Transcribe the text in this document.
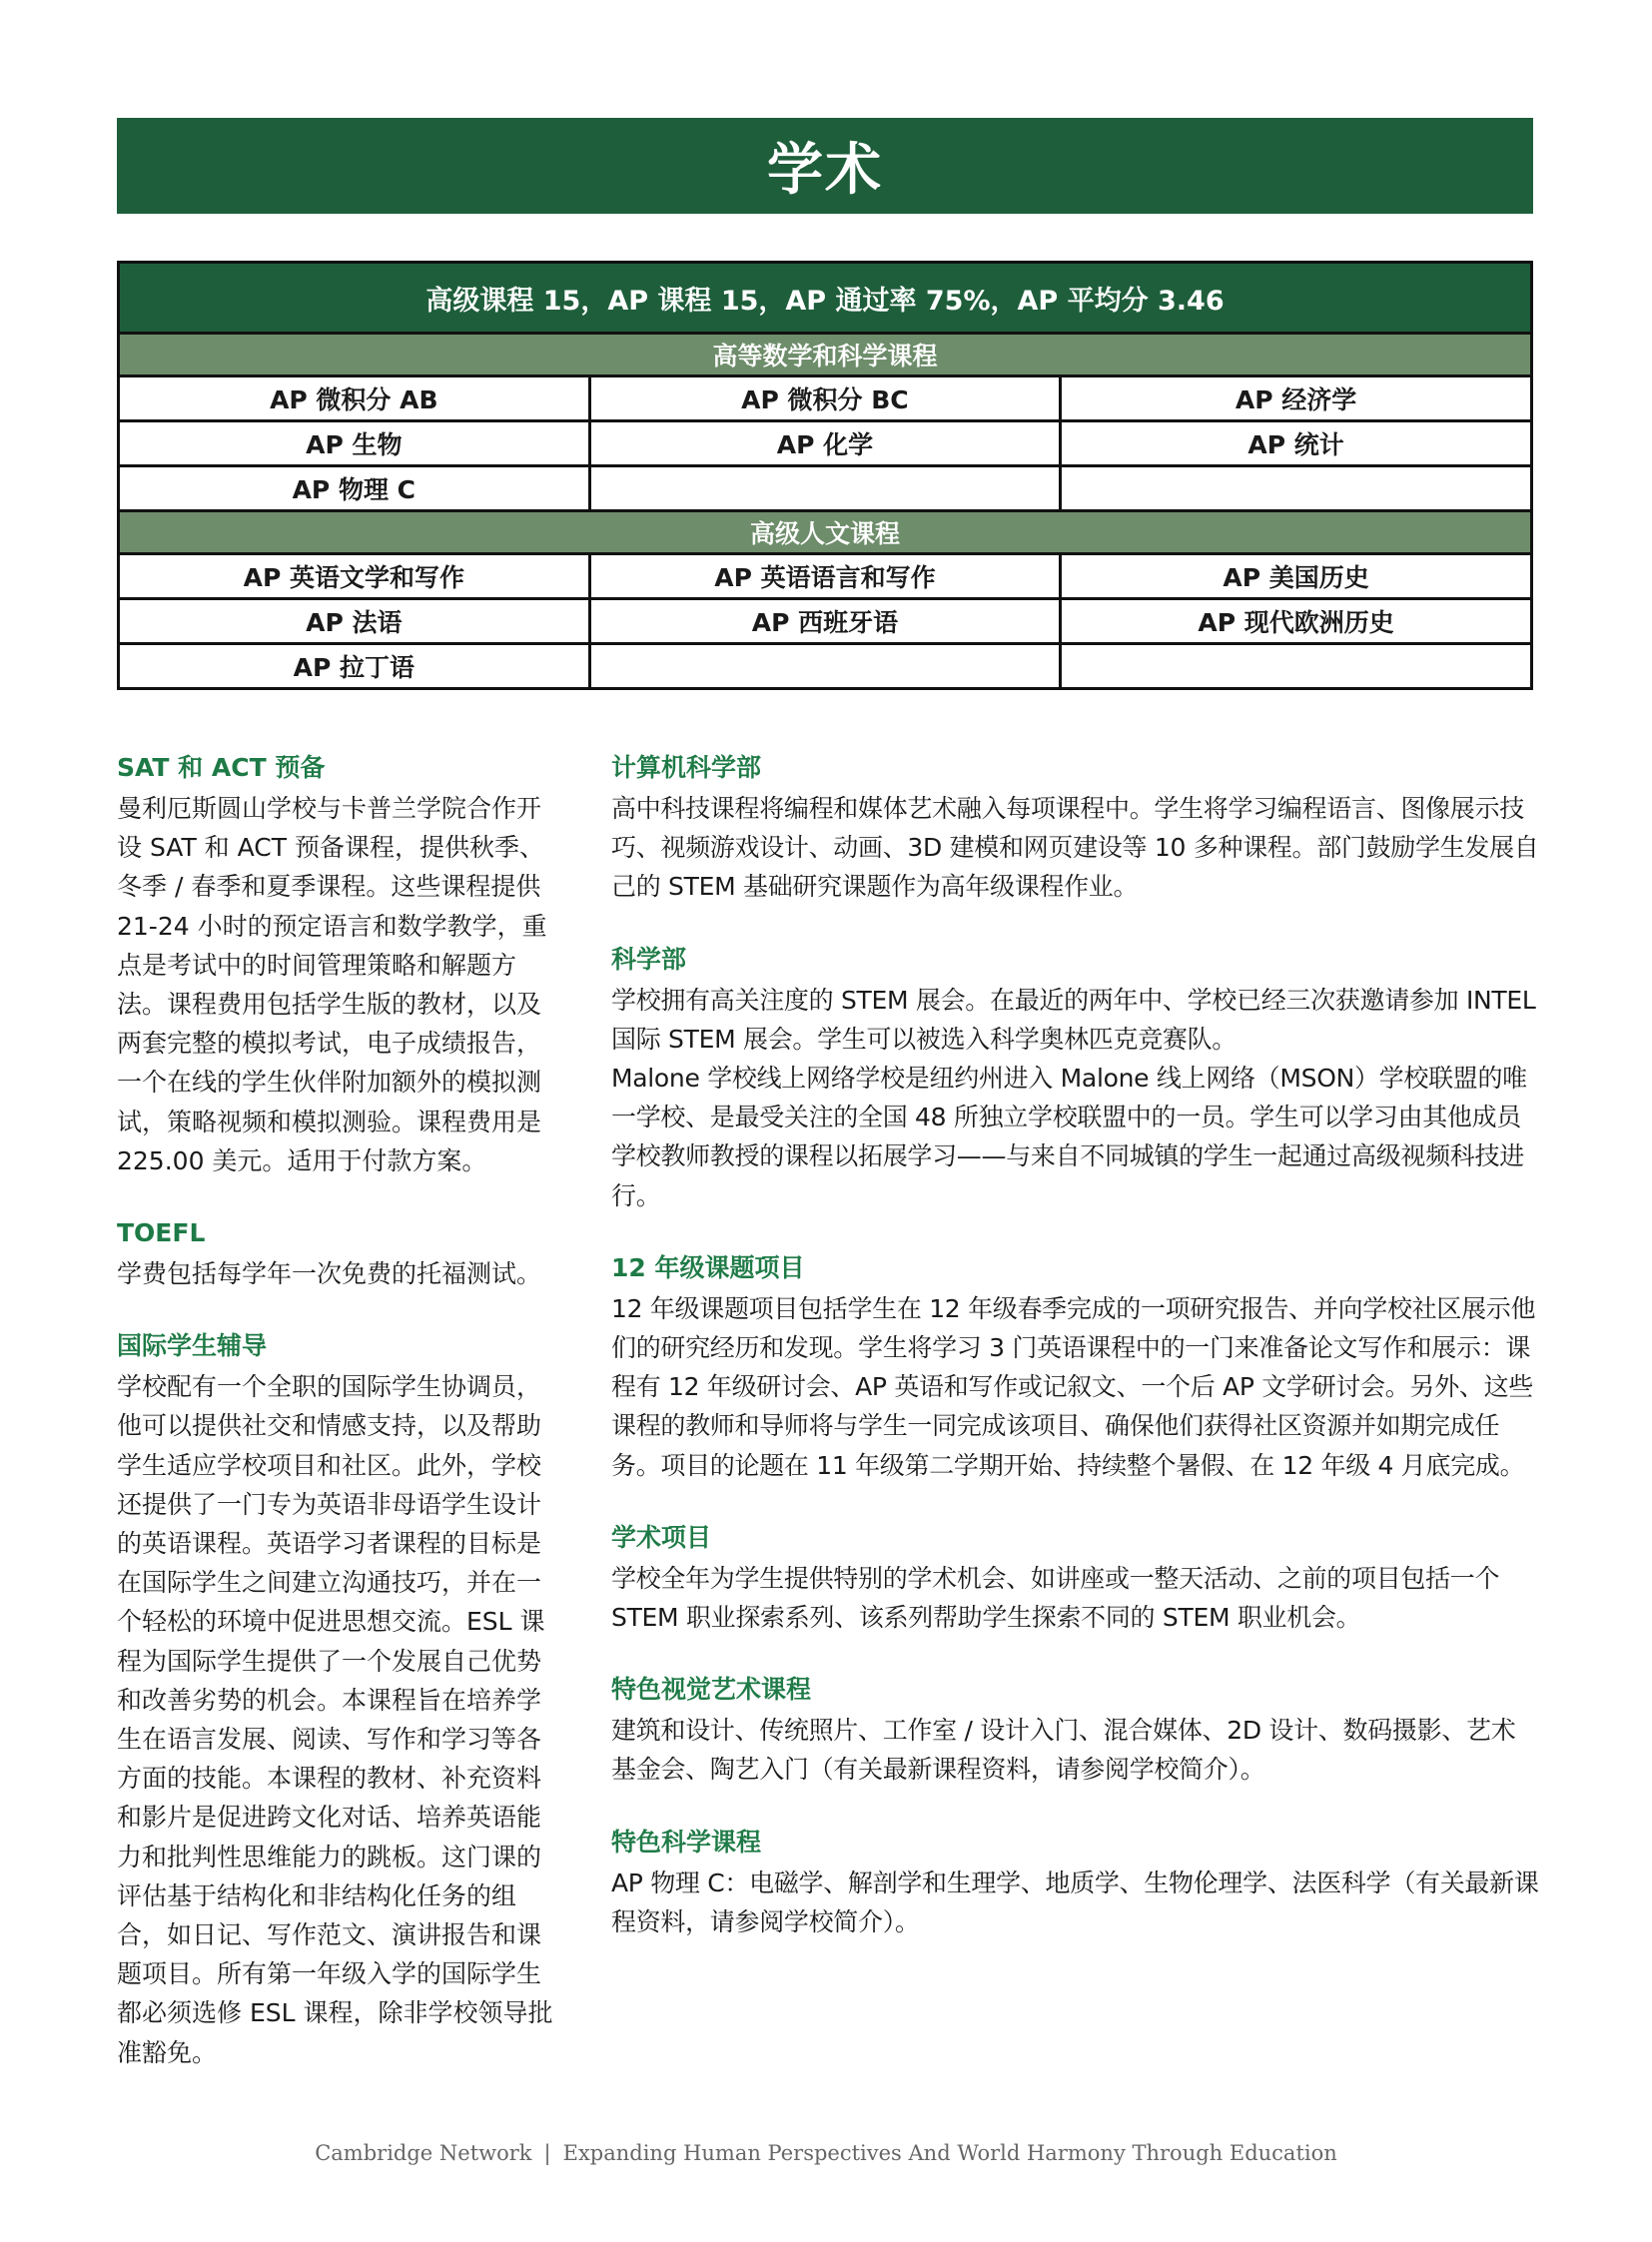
学术
高级课程 15，AP 课程 15，AP 通过率 75%，AP 平均分 3.46		
高等数学和科学课程		
AP 微积分 AB	AP 微积分 BC	AP 经济学
AP 生物	AP 化学	AP 统计
AP 物理 C		
高级人文课程		
AP 英语文学和写作	AP 英语语言和写作	AP 美国历史
AP 法语	AP 西班牙语	AP 现代欧洲历史
AP 拉丁语		
SAT 和 ACT 预备

曼利厄斯圆山学校与卡普兰学院合作开设 SAT 和 ACT 预备课程，提供秋季、冬季 / 春季和夏季课程。这些课程提供 21-24 小时的预定语言和数学教学，重点是考试中的时间管理策略和解题方法。课程费用包括学生版的教材，以及两套完整的模拟考试，电子成绩报告，一个在线的学生伙伴附加额外的模拟测试，策略视频和模拟测验。课程费用是 225.00 美元。适用于付款方案。

TOEFL

学费包括每学年一次免费的托福测试。

国际学生辅导

学校配有一个全职的国际学生协调员，他可以提供社交和情感支持，以及帮助学生适应学校项目和社区。此外，学校还提供了一门专为英语非母语学生设计的英语课程。英语学习者课程的目标是在国际学生之间建立沟通技巧，并在一个轻松的环境中促进思想交流。ESL 课程为国际学生提供了一个发展自己优势和改善劣势的机会。本课程旨在培养学生在语言发展、阅读、写作和学习等各方面的技能。本课程的教材、补充资料和影片是促进跨文化对话、培养英语能力和批判性思维能力的跳板。这门课的评估基于结构化和非结构化任务的组合，如日记、写作范文、演讲报告和课题项目。所有第一年级入学的国际学生都必须选修 ESL 课程，除非学校领导批准豁免。

计算机科学部

高中科技课程将编程和媒体艺术融入每项课程中。学生将学习编程语言、图像展示技巧、视频游戏设计、动画、3D 建模和网页建设等 10 多种课程。部门鼓励学生发展自己的 STEM 基础研究课题作为高年级课程作业。

科学部

学校拥有高关注度的 STEM 展会。在最近的两年中、学校已经三次获邀请参加 INTEL 国际 STEM 展会。学生可以被选入科学奥林匹克竞赛队。

Malone 学校线上网络学校是纽约州进入 Malone 线上网络（MSON）学校联盟的唯一学校、是最受关注的全国 48 所独立学校联盟中的一员。学生可以学习由其他成员学校教师教授的课程以拓展学习——与来自不同城镇的学生一起通过高级视频科技进行。

12 年级课题项目

12 年级课题项目包括学生在 12 年级春季完成的一项研究报告、并向学校社区展示他们的研究经历和发现。学生将学习 3 门英语课程中的一门来准备论文写作和展示：课程有 12 年级研讨会、AP 英语和写作或记叙文、一个后 AP 文学研讨会。另外、这些课程的教师和导师将与学生一同完成该项目、确保他们获得社区资源并如期完成任务。项目的论题在 11 年级第二学期开始、持续整个暑假、在 12 年级 4 月底完成。

学术项目

学校全年为学生提供特别的学术机会、如讲座或一整天活动、之前的项目包括一个 STEM 职业探索系列、该系列帮助学生探索不同的 STEM 职业机会。

特色视觉艺术课程

建筑和设计、传统照片、工作室 / 设计入门、混合媒体、2D 设计、数码摄影、艺术基金会、陶艺入门（有关最新课程资料，请参阅学校简介）。

特色科学课程

AP 物理 C：电磁学、解剖学和生理学、地质学、生物伦理学、法医科学（有关最新课程资料，请参阅学校简介）。

Cambridge Network | Expanding Human Perspectives And World Harmony Through Education
